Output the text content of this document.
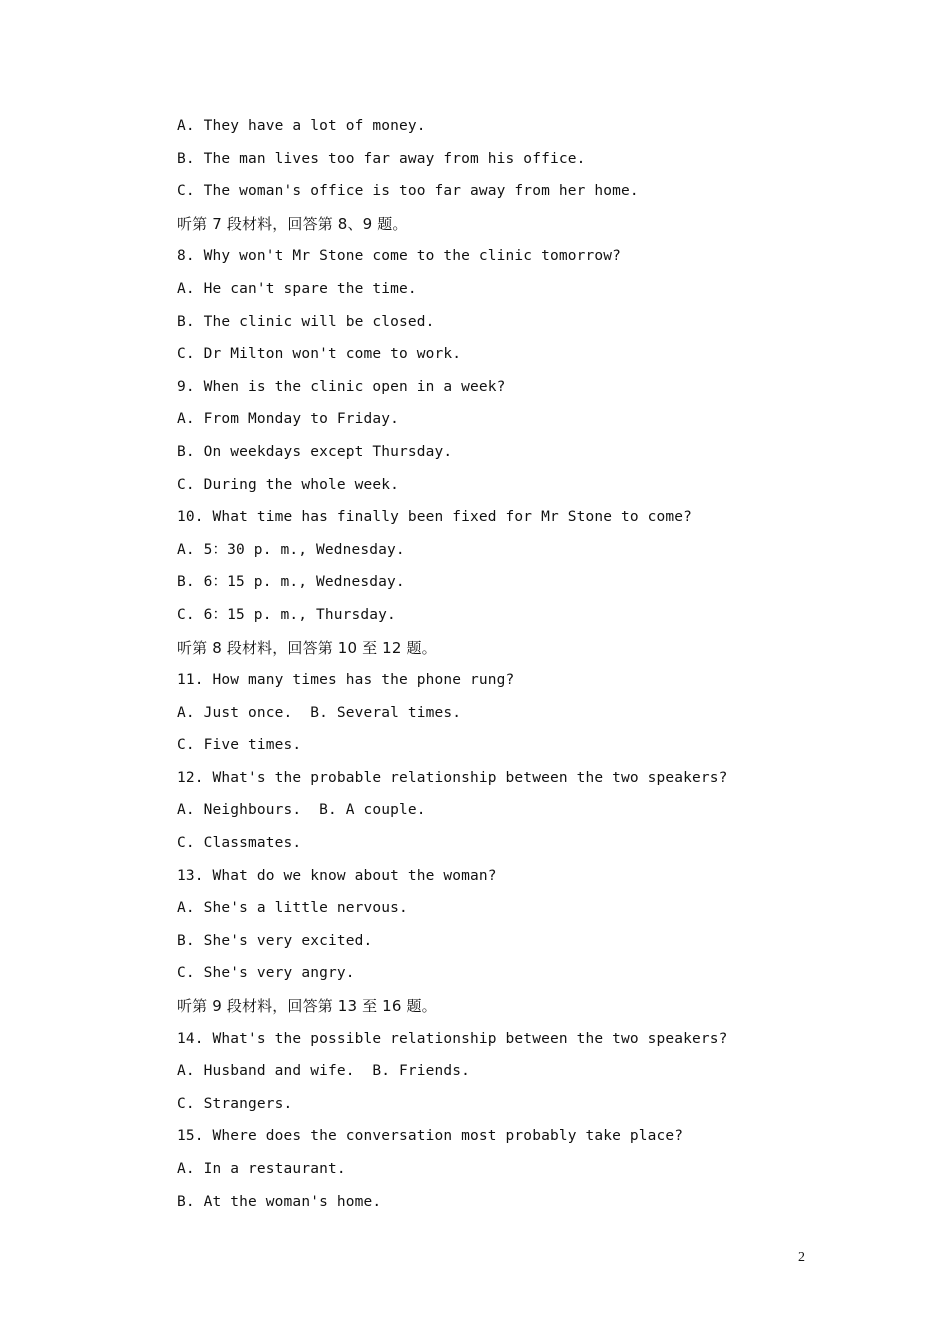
A. They have a lot of money.
B. The man lives too far away from his office.
C. The woman's office is too far away from her home.
听第 7 段材料，回答第 8、9 题。
8. Why won't Mr Stone come to the clinic tomorrow?
A. He can't spare the time.
B. The clinic will be closed.
C. Dr Milton won't come to work.
9. When is the clinic open in a week?
A. From Monday to Friday.
B. On weekdays except Thursday.
C. During the whole week.
10. What time has finally been fixed for Mr Stone to come?
A. 5：30 p. m., Wednesday.
B. 6：15 p. m., Wednesday.
C. 6：15 p. m., Thursday.
听第 8 段材料，回答第 10 至 12 题。
11. How many times has the phone rung?
A. Just once.  B. Several times.
C. Five times.
12. What's the probable relationship between the two speakers?
A. Neighbours.  B. A couple.
C. Classmates.
13. What do we know about the woman?
A. She's a little nervous.
B. She's very excited.
C. She's very angry.
听第 9 段材料，回答第 13 至 16 题。
14. What's the possible relationship between the two speakers?
A. Husband and wife.  B. Friends.
C. Strangers.
15. Where does the conversation most probably take place?
A. In a restaurant.
B. At the woman's home.
2
